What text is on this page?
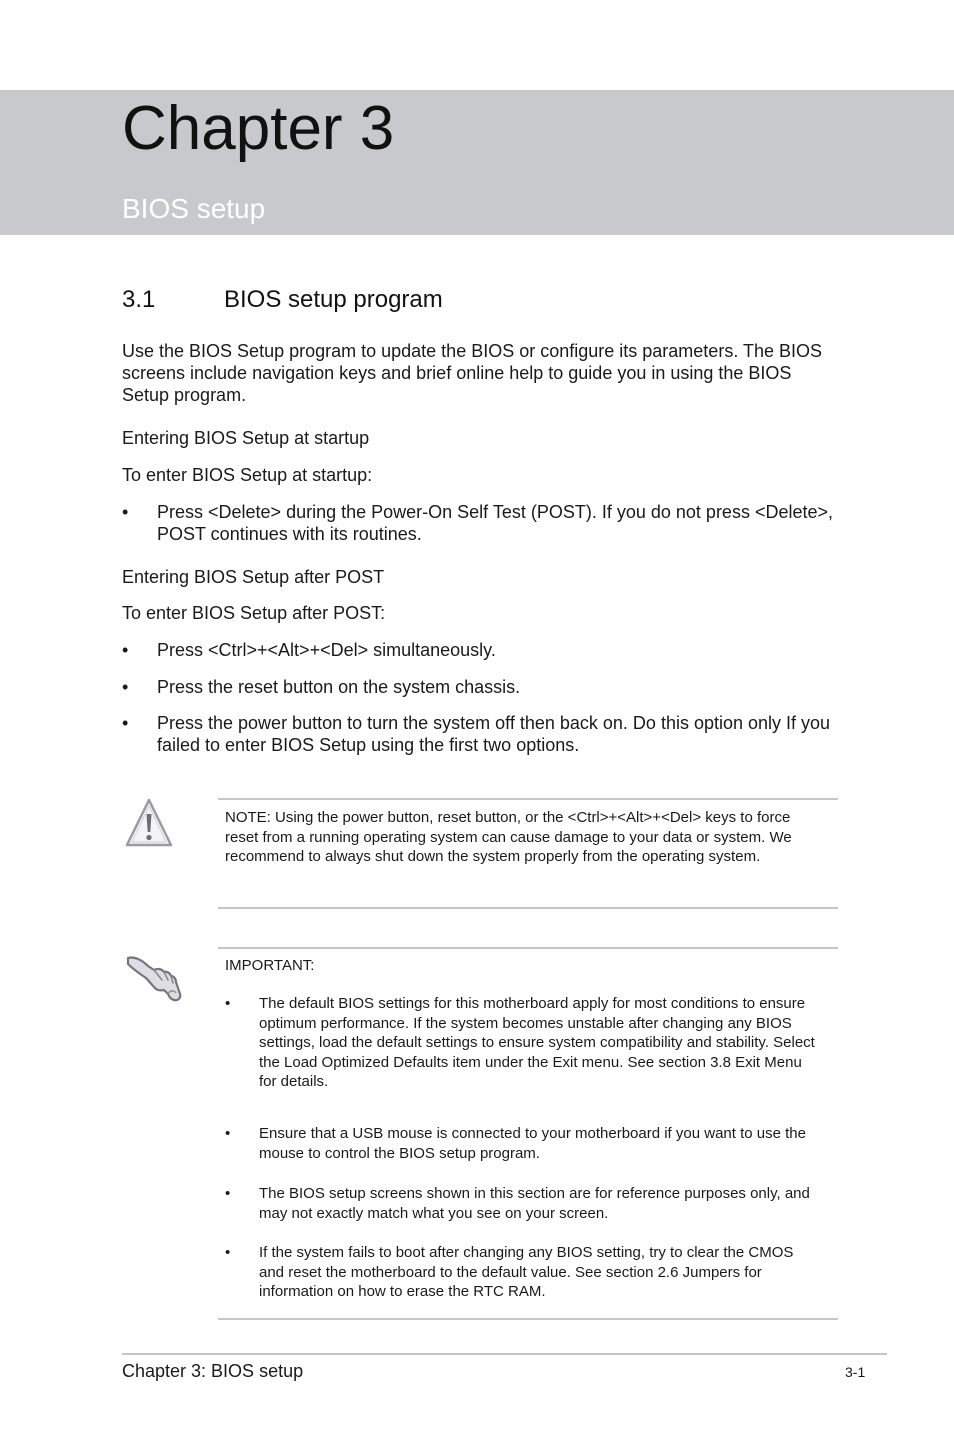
Chapter 3
BIOS setup
3.1	BIOS setup program

Use the BIOS Setup program to update the BIOS or configure its parameters. The BIOS screens include navigation keys and brief online help to guide you in using the BIOS Setup program.

Entering BIOS Setup at startup

To enter BIOS Setup at startup:

• Press <Delete> during the Power-On Self Test (POST). If you do not press <Delete>, POST continues with its routines.

Entering BIOS Setup after POST

To enter BIOS Setup after POST:

• Press <Ctrl>+<Alt>+<Del> simultaneously.
• Press the reset button on the system chassis.
• Press the power button to turn the system off then back on. Do this option only If you failed to enter BIOS Setup using the first two options.

NOTE: Using the power button, reset button, or the <Ctrl>+<Alt>+<Del> keys to force reset from a running operating system can cause damage to your data or system. We recommend to always shut down the system properly from the operating system.

IMPORTANT:

• The default BIOS settings for this motherboard apply for most conditions to ensure optimum performance. If the system becomes unstable after changing any BIOS settings, load the default settings to ensure system compatibility and stability. Select the Load Optimized Defaults item under the Exit menu. See section 3.8 Exit Menu for details.
• Ensure that a USB mouse is connected to your motherboard if you want to use the mouse to control the BIOS setup program.
• The BIOS setup screens shown in this section are for reference purposes only, and may not exactly match what you see on your screen.
• If the system fails to boot after changing any BIOS setting, try to clear the CMOS and reset the motherboard to the default value. See section 2.6 Jumpers for information on how to erase the RTC RAM.

Chapter 3: BIOS setup	3-1
